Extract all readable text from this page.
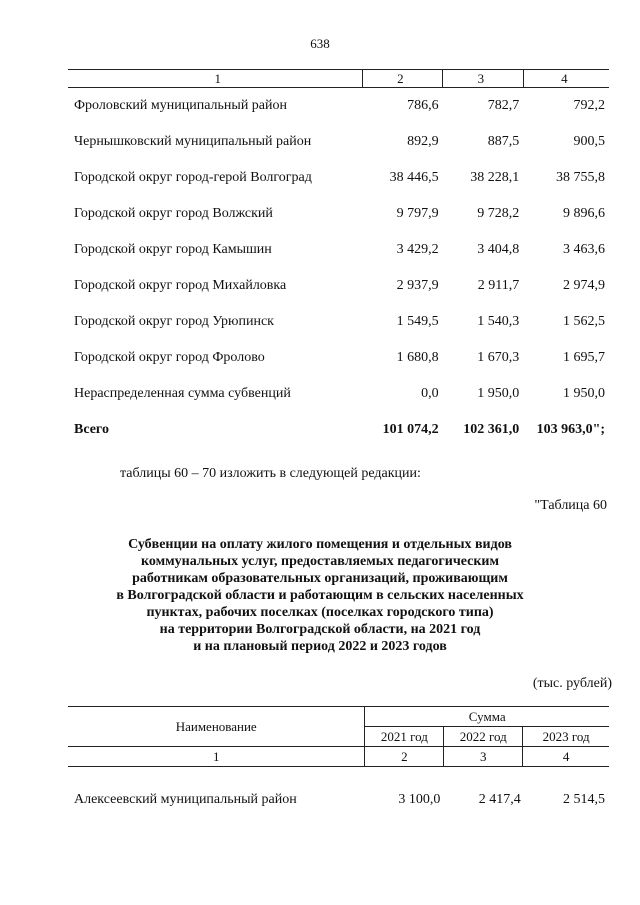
638
1	2	3	4
Фроловский муниципальный район	786,6	782,7	792,2
Чернышковский муниципальный район	892,9	887,5	900,5
Городской округ город-герой Волгоград	38 446,5	38 228,1	38 755,8
Городской округ город Волжский	9 797,9	9 728,2	9 896,6
Городской округ город Камышин	3 429,2	3 404,8	3 463,6
Городской округ город Михайловка	2 937,9	2 911,7	2 974,9
Городской округ город Урюпинск	1 549,5	1 540,3	1 562,5
Городской округ город Фролово	1 680,8	1 670,3	1 695,7
Нераспределенная сумма субвенций	0,0	1 950,0	1 950,0
Всего	101 074,2	102 361,0	103 963,0";
таблицы 60 – 70 изложить в следующей редакции:
"Таблица 60
Субвенции на оплату жилого помещения и отдельных видов
коммунальных услуг, предоставляемых педагогическим
работникам образовательных организаций, проживающим
в Волгоградской области и работающим в сельских населенных
пунктах, рабочих поселках (поселках городского типа)
на территории Волгоградской области, на 2021 год
и на плановый период 2022 и 2023 годов
(тыс. рублей)
Наименование	Сумма		
	2021 год	2022 год	2023 год
1	2	3	4
Алексеевский муниципальный район	3 100,0	2 417,4	2 514,5
